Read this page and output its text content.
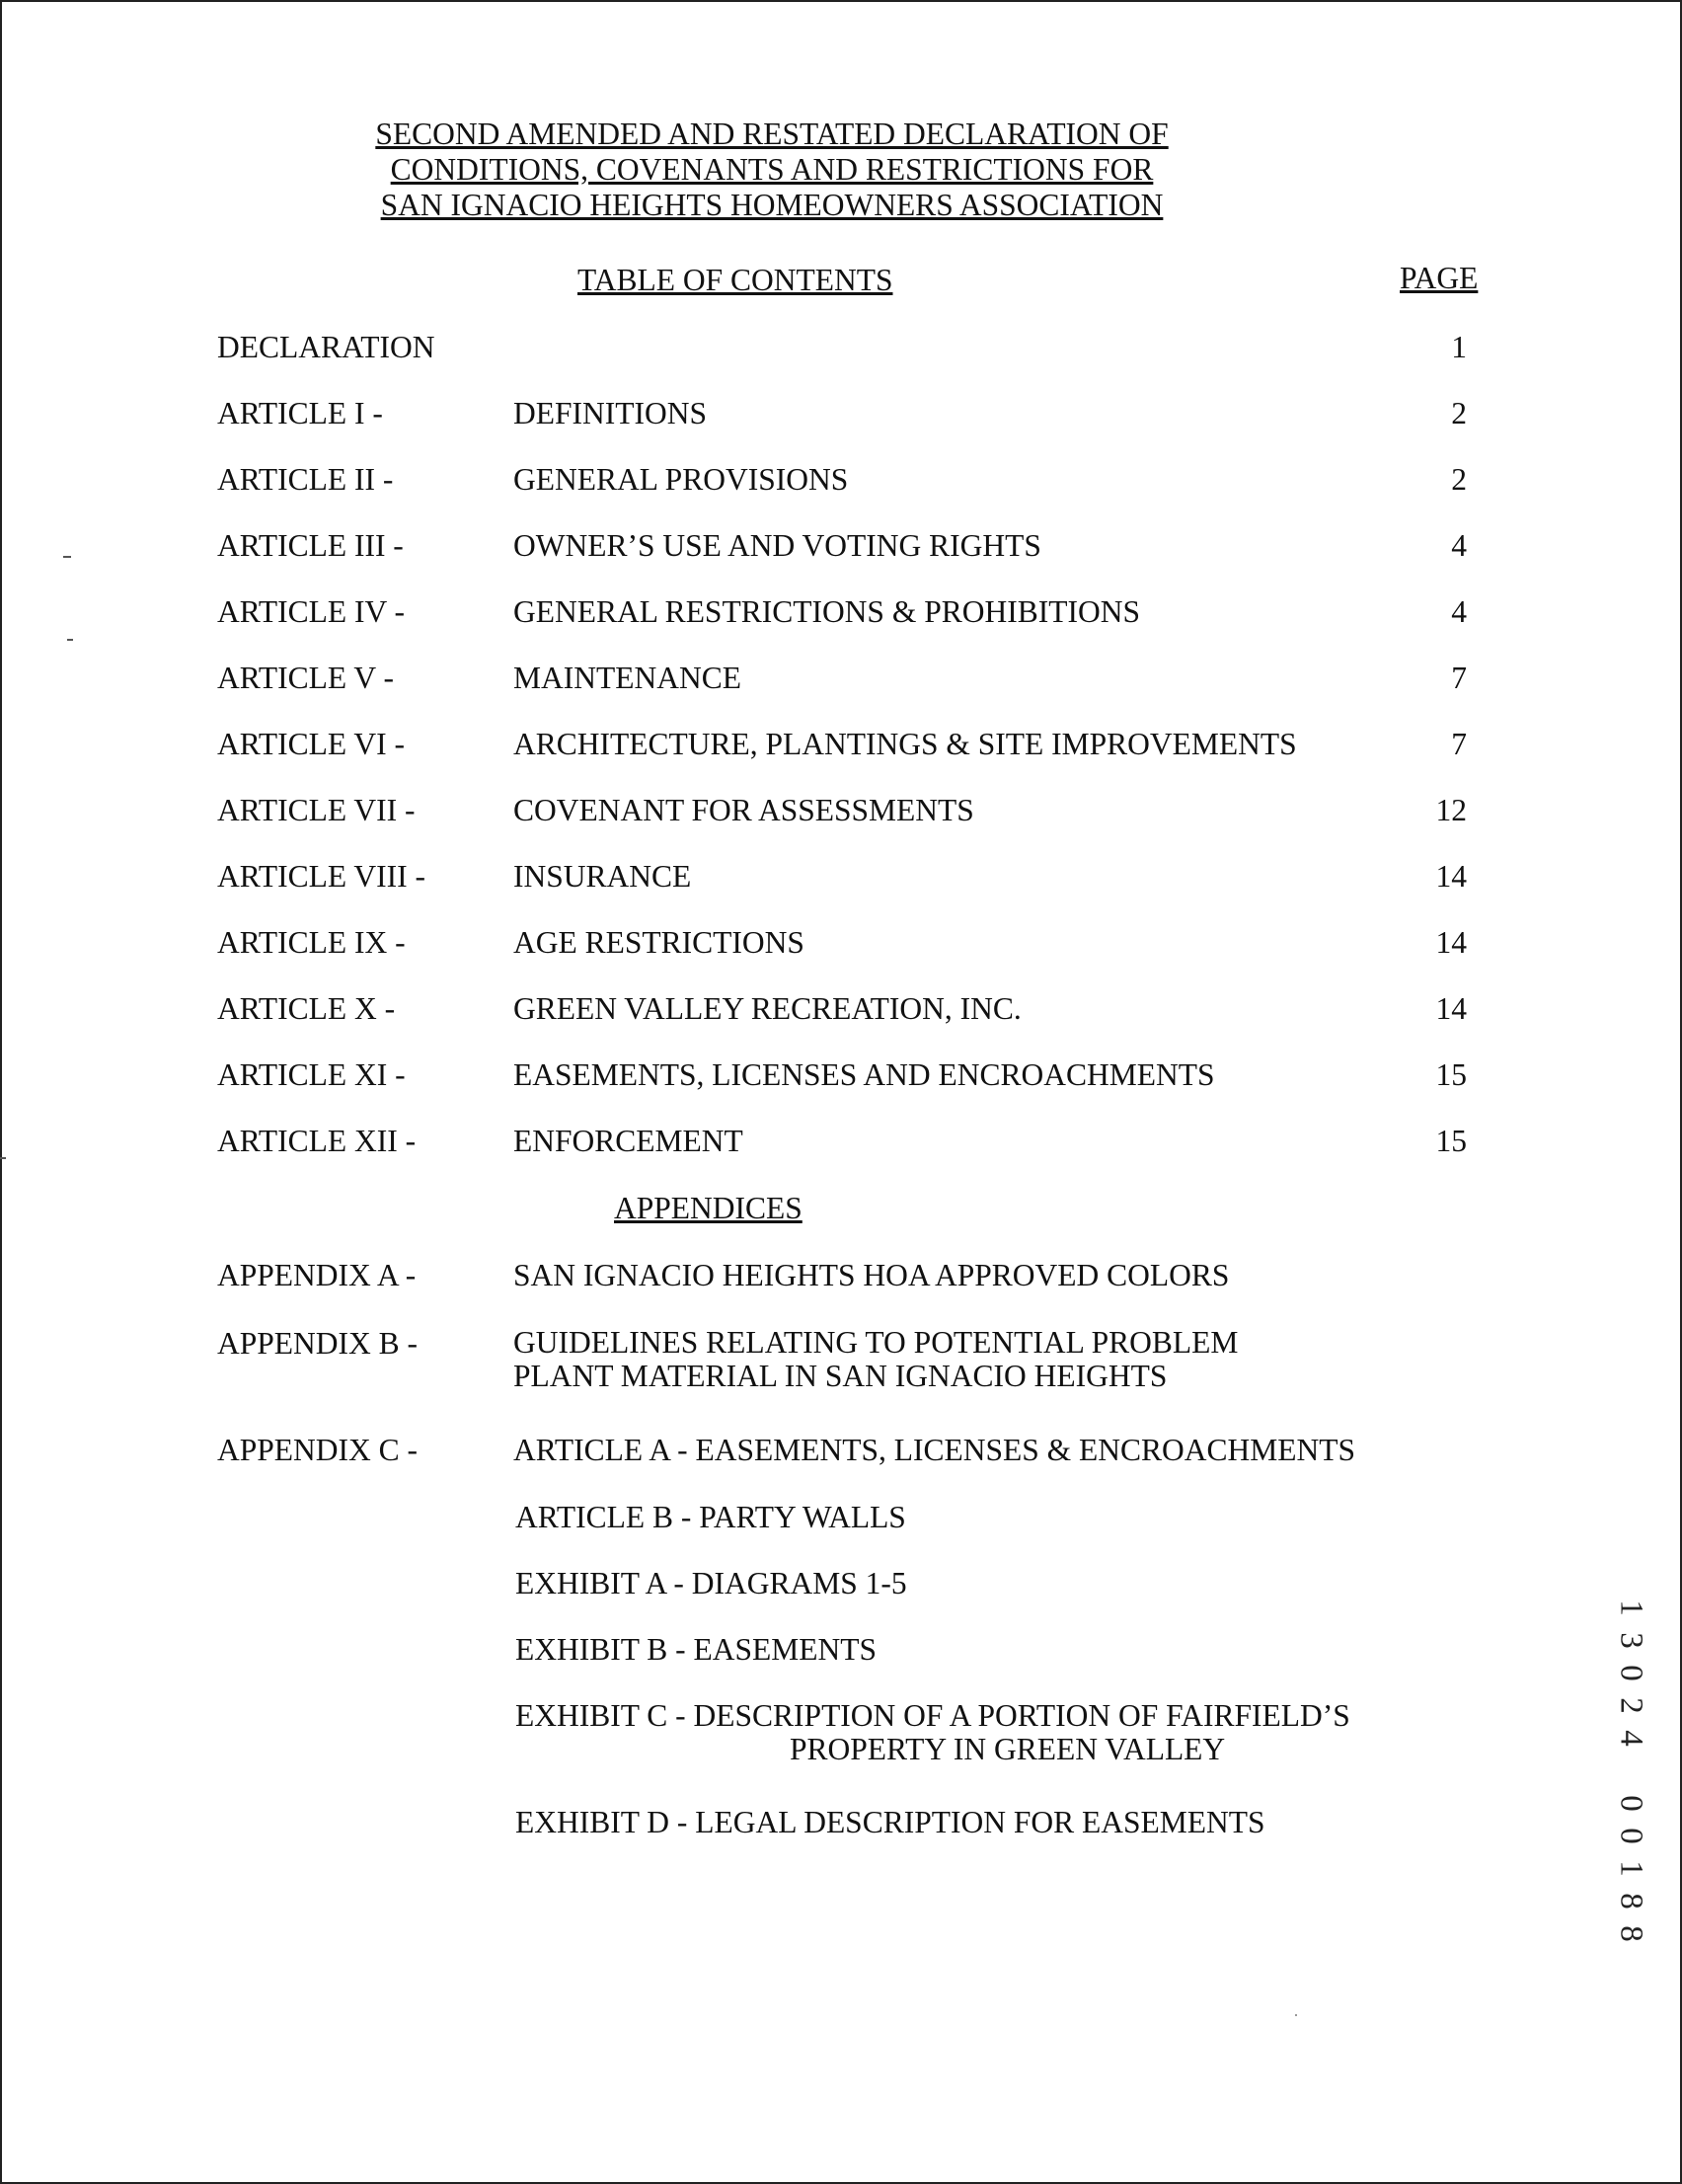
SECOND AMENDED AND RESTATED DECLARATION OF
CONDITIONS, COVENANTS AND RESTRICTIONS FOR
SAN IGNACIO HEIGHTS HOMEOWNERS ASSOCIATION
TABLE OF CONTENTS	PAGE
DECLARATION	1
ARTICLE I -	DEFINITIONS	2
ARTICLE II -	GENERAL PROVISIONS	2
ARTICLE III -	OWNER’S USE AND VOTING RIGHTS	4
ARTICLE IV -	GENERAL RESTRICTIONS & PROHIBITIONS	4
ARTICLE V -	MAINTENANCE	7
ARTICLE VI -	ARCHITECTURE, PLANTINGS & SITE IMPROVEMENTS	7
ARTICLE VII -	COVENANT FOR ASSESSMENTS	12
ARTICLE VIII -	INSURANCE	14
ARTICLE IX -	AGE RESTRICTIONS	14
ARTICLE X -	GREEN VALLEY RECREATION, INC.	14
ARTICLE XI -	EASEMENTS, LICENSES AND ENCROACHMENTS	15
ARTICLE XII -	ENFORCEMENT	15
APPENDICES
APPENDIX A -	SAN IGNACIO HEIGHTS HOA APPROVED COLORS
APPENDIX B -	GUIDELINES RELATING TO POTENTIAL PROBLEM
PLANT MATERIAL IN SAN IGNACIO HEIGHTS
APPENDIX C -	ARTICLE A - EASEMENTS, LICENSES & ENCROACHMENTS
ARTICLE B - PARTY WALLS
EXHIBIT A - DIAGRAMS 1-5
EXHIBIT B - EASEMENTS
EXHIBIT C - DESCRIPTION OF A PORTION OF FAIRFIELD’S
PROPERTY IN GREEN VALLEY
EXHIBIT D - LEGAL DESCRIPTION FOR EASEMENTS
1
3
0
2
4

0
0
1
8
8
